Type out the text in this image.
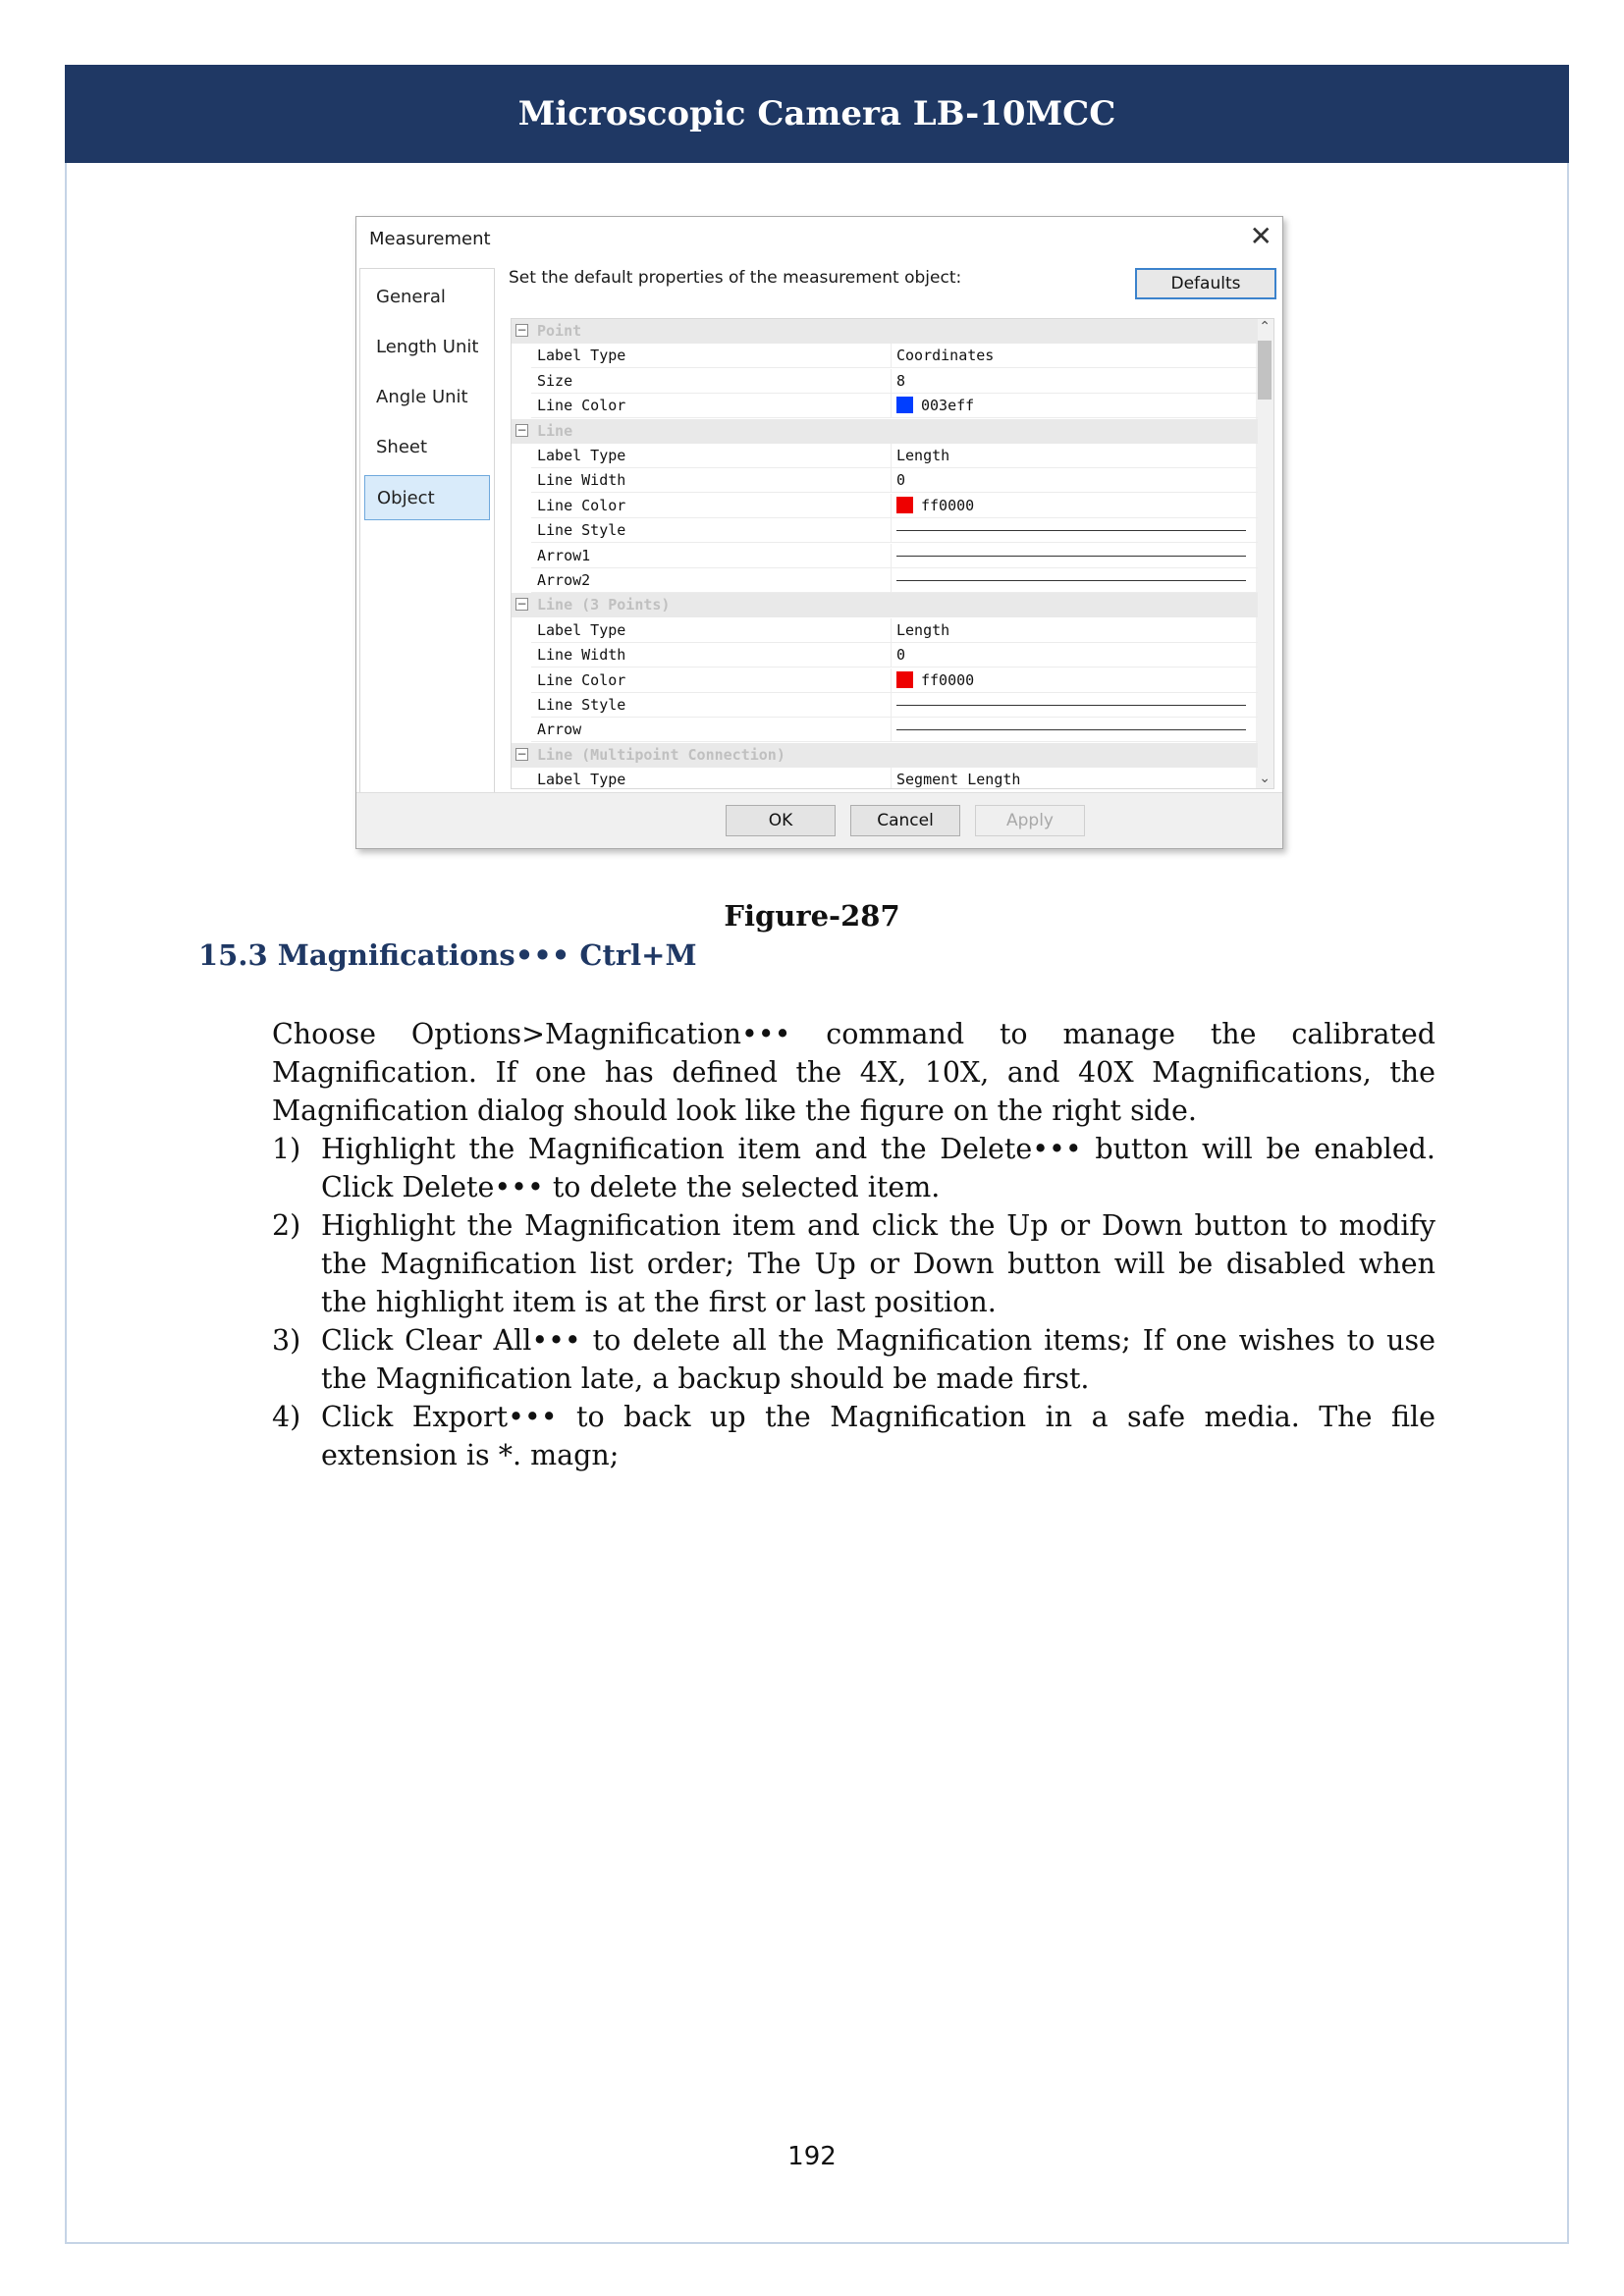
Microscopic Camera LB-10MCC
Measurement	✕
General
Length Unit
Angle Unit
Sheet
Object
Set the default properties of the measurement object:	Defaults
⌃
⌄
− Point
Label Type	Coordinates
Size	8
Line Color	003eff
− Line
Label Type	Length
Line Width	0
Line Color	ff0000
Line Style
Arrow1
Arrow2
− Line (3 Points)
Label Type	Length
Line Width	0
Line Color	ff0000
Line Style
Arrow
− Line (Multipoint Connection)
Label Type	Segment Length
OK	Cancel	Apply
Figure-287
15.3 Magnifications••• Ctrl+M

Choose Options>Magnification••• command to manage the calibrated Magnification. If one has defined the 4X, 10X, and 40X Magnifications, the Magnification dialog should look like the figure on the right side.

1) Highlight the Magnification item and the Delete••• button will be enabled. Click Delete••• to delete the selected item.
2) Highlight the Magnification item and click the Up or Down button to modify the Magnification list order; The Up or Down button will be disabled when the highlight item is at the first or last position.
3) Click Clear All••• to delete all the Magnification items; If one wishes to use the Magnification late, a backup should be made first.
4) Click Export••• to back up the Magnification in a safe media. The file extension is *. magn;
192
